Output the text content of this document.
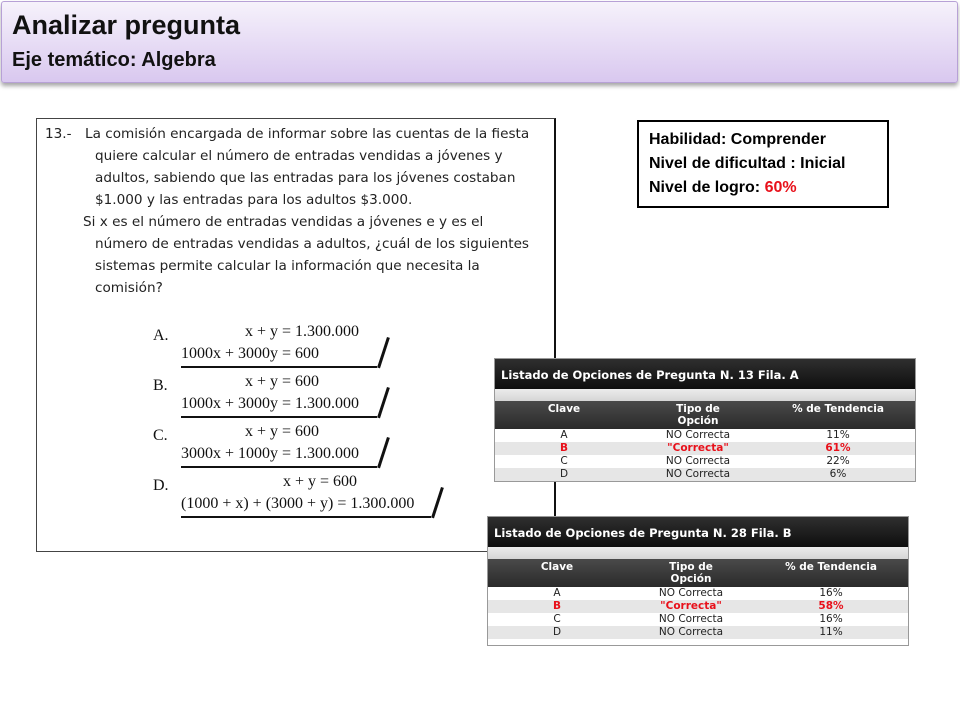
Analizar pregunta
Eje temático: Algebra
13.- La comisión encargada de informar sobre las cuentas de la fiesta
quiere calcular el número de entradas vendidas a jóvenes y
adultos, sabiendo que las entradas para los jóvenes costaban
$1.000 y las entradas para los adultos $3.000.
Si x es el número de entradas vendidas a jóvenes e y es el
número de entradas vendidas a adultos, ¿cuál de los siguientes
sistemas permite calcular la información que necesita la
comisión?
A.	x + y = 1.300.000
1000x + 3000y = 600
B.	x + y = 600
1000x + 3000y = 1.300.000
C.	x + y = 600
3000x + 1000y = 1.300.000
D.	x + y = 600
(1000 + x) + (3000 + y) = 1.300.000
Habilidad: Comprender
Nivel de dificultad : Inicial
Nivel de logro: 60%
Listado de Opciones de Pregunta N. 13 Fila. A
Clave	Tipo de
Opción
% de Tendencia
A	NO Correcta	11%
B	"Correcta"	61%
C	NO Correcta	22%
D	NO Correcta	6%
Listado de Opciones de Pregunta N. 28 Fila. B
Clave	Tipo de
Opción
% de Tendencia
A	NO Correcta	16%
B	"Correcta"	58%
C	NO Correcta	16%
D	NO Correcta	11%
